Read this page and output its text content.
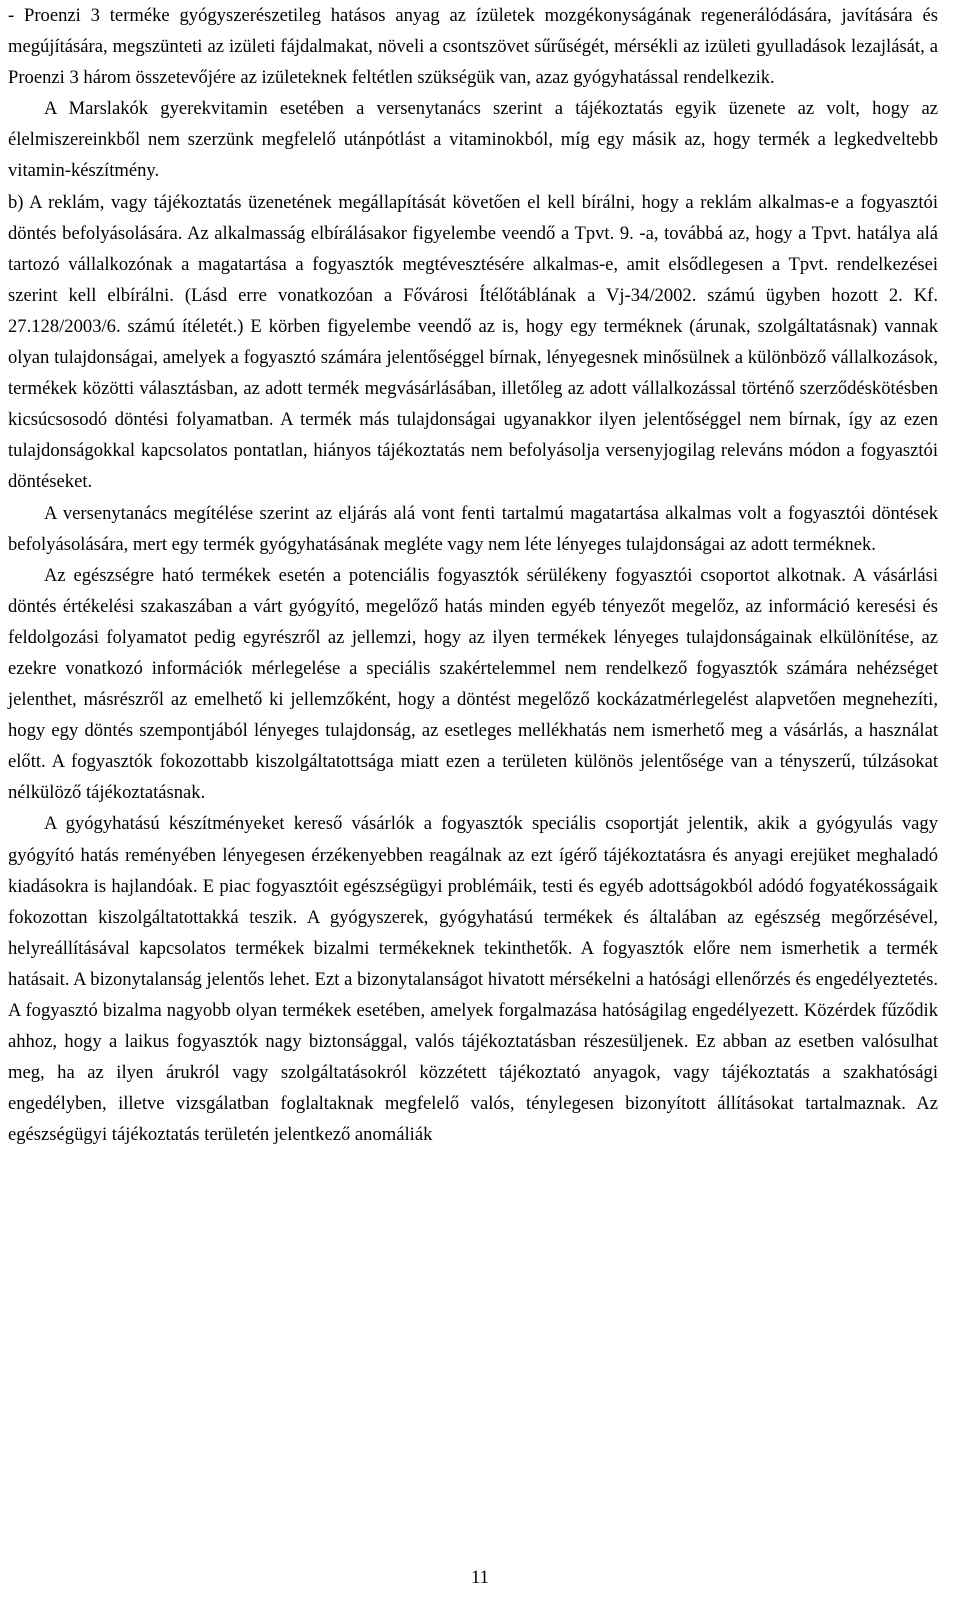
- Proenzi 3 terméke gyógyszerészetileg hatásos anyag az ízületek mozgékonyságának regenerálódására, javítására és megújítására, megszünteti az izületi fájdalmakat, növeli a csontszövet sűrűségét, mérsékli az izületi gyulladások lezajlását, a Proenzi 3 három összetevőjére az izületeknek feltétlen szükségük van, azaz gyógyhatással rendelkezik.

A Marslakók gyerekvitamin esetében a versenytanács szerint a tájékoztatás egyik üzenete az volt, hogy az élelmiszereinkből nem szerzünk megfelelő utánpótlást a vitaminokból, míg egy másik az, hogy termék a legkedveltebb vitamin-készítmény.

b) A reklám, vagy tájékoztatás üzenetének megállapítását követően el kell bírálni, hogy a reklám alkalmas-e a fogyasztói döntés befolyásolására. Az alkalmasság elbírálásakor figyelembe veendő a Tpvt. 9. -a, továbbá az, hogy a Tpvt. hatálya alá tartozó vállalkozónak a magatartása a fogyasztók megtévesztésére alkalmas-e, amit elsődlegesen a Tpvt. rendelkezései szerint kell elbírálni. (Lásd erre vonatkozóan a Fővárosi Ítélőtáblának a Vj-34/2002. számú ügyben hozott 2. Kf. 27.128/2003/6. számú ítéletét.) E körben figyelembe veendő az is, hogy egy terméknek (árunak, szolgáltatásnak) vannak olyan tulajdonságai, amelyek a fogyasztó számára jelentőséggel bírnak, lényegesnek minősülnek a különböző vállalkozások, termékek közötti választásban, az adott termék megvásárlásában, illetőleg az adott vállalkozással történő szerződéskötésben kicsúcsosodó döntési folyamatban. A termék más tulajdonságai ugyanakkor ilyen jelentőséggel nem bírnak, így az ezen tulajdonságokkal kapcsolatos pontatlan, hiányos tájékoztatás nem befolyásolja versenyjogilag releváns módon a fogyasztói döntéseket.

A versenytanács megítélése szerint az eljárás alá vont fenti tartalmú magatartása alkalmas volt a fogyasztói döntések befolyásolására, mert egy termék gyógyhatásának megléte vagy nem léte lényeges tulajdonságai az adott terméknek.

Az egészségre ható termékek esetén a potenciális fogyasztók sérülékeny fogyasztói csoportot alkotnak. A vásárlási döntés értékelési szakaszában a várt gyógyító, megelőző hatás minden egyéb tényezőt megelőz, az információ keresési és feldolgozási folyamatot pedig egyrészről az jellemzi, hogy az ilyen termékek lényeges tulajdonságainak elkülönítése, az ezekre vonatkozó információk mérlegelése a speciális szakértelemmel nem rendelkező fogyasztók számára nehézséget jelenthet, másrészről az emelhető ki jellemzőként, hogy a döntést megelőző kockázatmérlegelést alapvetően megnehezíti, hogy egy döntés szempontjából lényeges tulajdonság, az esetleges mellékhatás nem ismerhető meg a vásárlás, a használat előtt. A fogyasztók fokozottabb kiszolgáltatottsága miatt ezen a területen különös jelentősége van a tényszerű, túlzásokat nélkülöző tájékoztatásnak.

A gyógyhatású készítményeket kereső vásárlók a fogyasztók speciális csoportját jelentik, akik a gyógyulás vagy gyógyító hatás reményében lényegesen érzékenyebben reagálnak az ezt ígérő tájékoztatásra és anyagi erejüket meghaladó kiadásokra is hajlandóak. E piac fogyasztóit egészségügyi problémáik, testi és egyéb adottságokból adódó fogyatékosságaik fokozottan kiszolgáltatottakká teszik. A gyógyszerek, gyógyhatású termékek és általában az egészség megőrzésével, helyreállításával kapcsolatos termékek bizalmi termékeknek tekinthetők. A fogyasztók előre nem ismerhetik a termék hatásait. A bizonytalanság jelentős lehet. Ezt a bizonytalanságot hivatott mérsékelni a hatósági ellenőrzés és engedélyeztetés. A fogyasztó bizalma nagyobb olyan termékek esetében, amelyek forgalmazása hatóságilag engedélyezett. Közérdek fűződik ahhoz, hogy a laikus fogyasztók nagy biztonsággal, valós tájékoztatásban részesüljenek. Ez abban az esetben valósulhat meg, ha az ilyen árukról vagy szolgáltatásokról közzétett tájékoztató anyagok, vagy tájékoztatás a szakhatósági engedélyben, illetve vizsgálatban foglaltaknak megfelelő valós, ténylegesen bizonyított állításokat tartalmaznak. Az egészségügyi tájékoztatás területén jelentkező anomáliák

11
